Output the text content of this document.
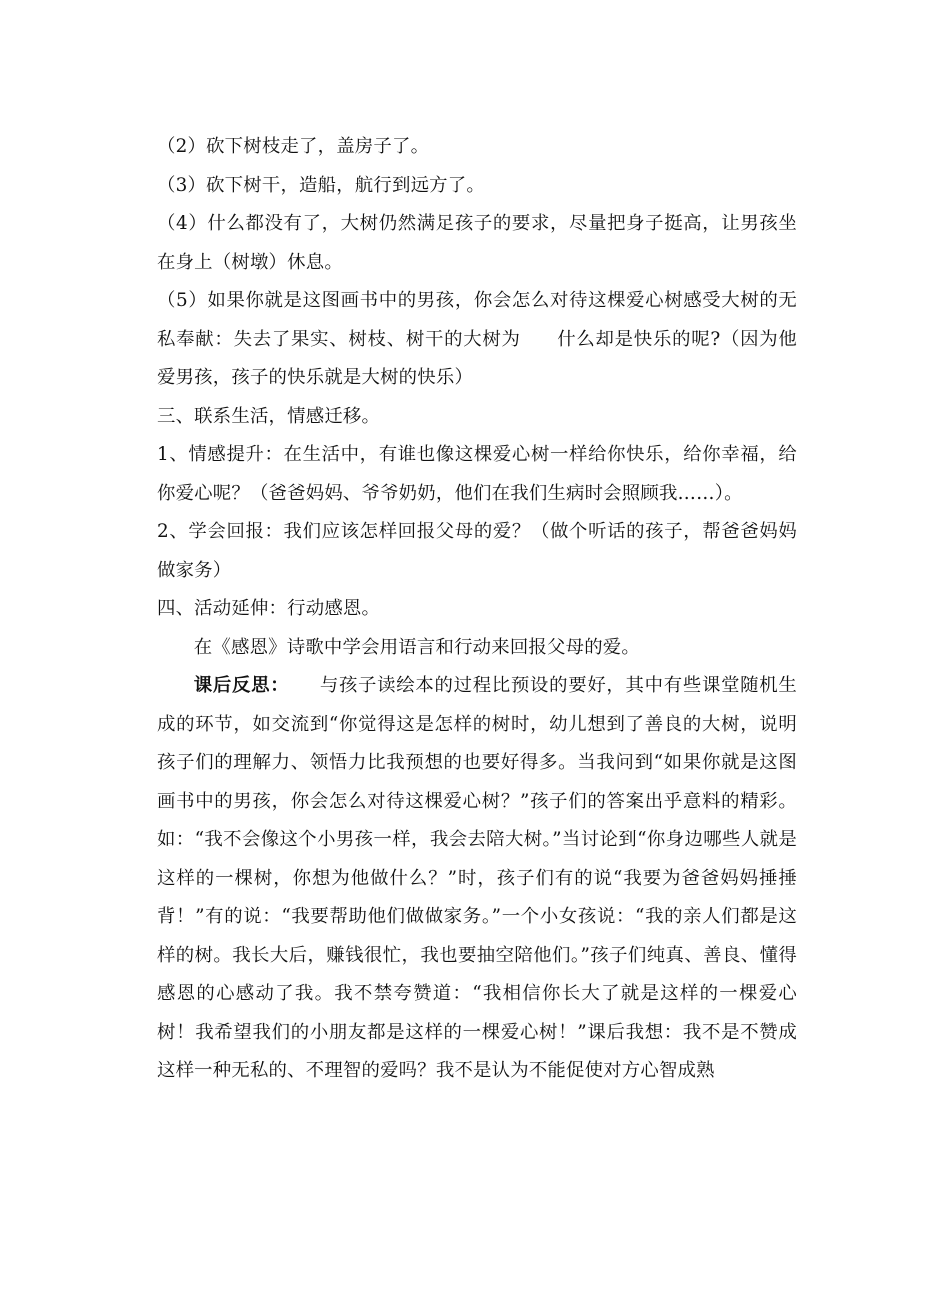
（2）砍下树枝走了，盖房子了。

（3）砍下树干，造船，航行到远方了。

（4）什么都没有了，大树仍然满足孩子的要求，尽量把身子挺高，让男孩坐在身上（树墩）休息。

（5）如果你就是这图画书中的男孩，你会怎么对待这棵爱心树感受大树的无私奉献：失去了果实、树枝、树干的大树为 什么却是快乐的呢?（因为他爱男孩，孩子的快乐就是大树的快乐）

三、联系生活，情感迁移。

1、情感提升：在生活中，有谁也像这棵爱心树一样给你快乐，给你幸福，给你爱心呢？（爸爸妈妈、爷爷奶奶，他们在我们生病时会照顾我……）。

2、学会回报：我们应该怎样回报父母的爱？（做个听话的孩子，帮爸爸妈妈做家务）

四、活动延伸：行动感恩。

在《感恩》诗歌中学会用语言和行动来回报父母的爱。

课后反思： 与孩子读绘本的过程比预设的要好，其中有些课堂随机生成的环节，如交流到“你觉得这是怎样的树时，幼儿想到了善良的大树，说明孩子们的理解力、领悟力比我预想的也要好得多。当我问到“如果你就是这图画书中的男孩，你会怎么对待这棵爱心树？”孩子们的答案出乎意料的精彩。如：“我不会像这个小男孩一样，我会去陪大树。”当讨论到“你身边哪些人就是这样的一棵树，你想为他做什么？”时，孩子们有的说“我要为爸爸妈妈捶捶背！”有的说：“我要帮助他们做做家务。”一个小女孩说：“我的亲人们都是这样的树。我长大后，赚钱很忙，我也要抽空陪他们。”孩子们纯真、善良、懂得感恩的心感动了我。我不禁夸赞道：“我相信你长大了就是这样的一棵爱心树！我希望我们的小朋友都是这样的一棵爱心树！”课后我想：我不是不赞成这样一种无私的、不理智的爱吗？我不是认为不能促使对方心智成熟
